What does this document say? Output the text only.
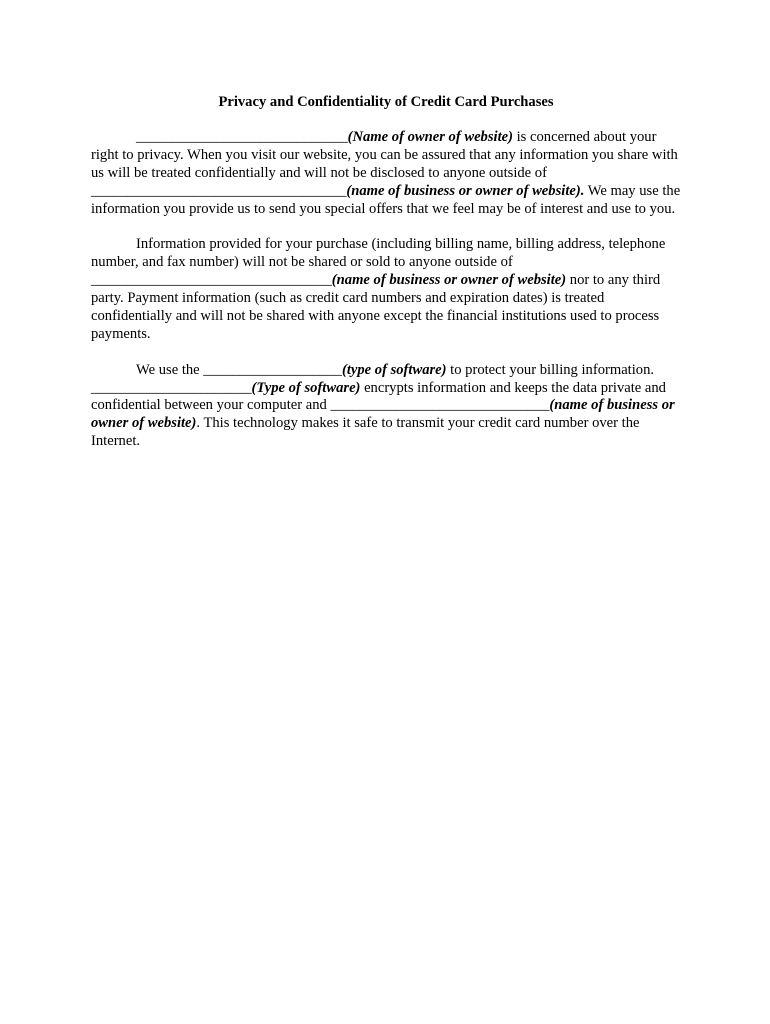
Privacy and Confidentiality of Credit Card Purchases

_____________________________(Name of owner of website) is concerned about your right to privacy. When you visit our website, you can be assured that any information you share with us will be treated confidentially and will not be disclosed to anyone outside of ___________________________________(name of business or owner of website). We may use the information you provide us to send you special offers that we feel may be of interest and use to you.

Information provided for your purchase (including billing name, billing address, telephone number, and fax number) will not be shared or sold to anyone outside of _________________________________(name of business or owner of website) nor to any third party. Payment information (such as credit card numbers and expiration dates) is treated confidentially and will not be shared with anyone except the financial institutions used to process payments.

We use the ___________________(type of software) to protect your billing information. ______________________(Type of software) encrypts information and keeps the data private and confidential between your computer and ______________________________(name of business or owner of website). This technology makes it safe to transmit your credit card number over the Internet.
